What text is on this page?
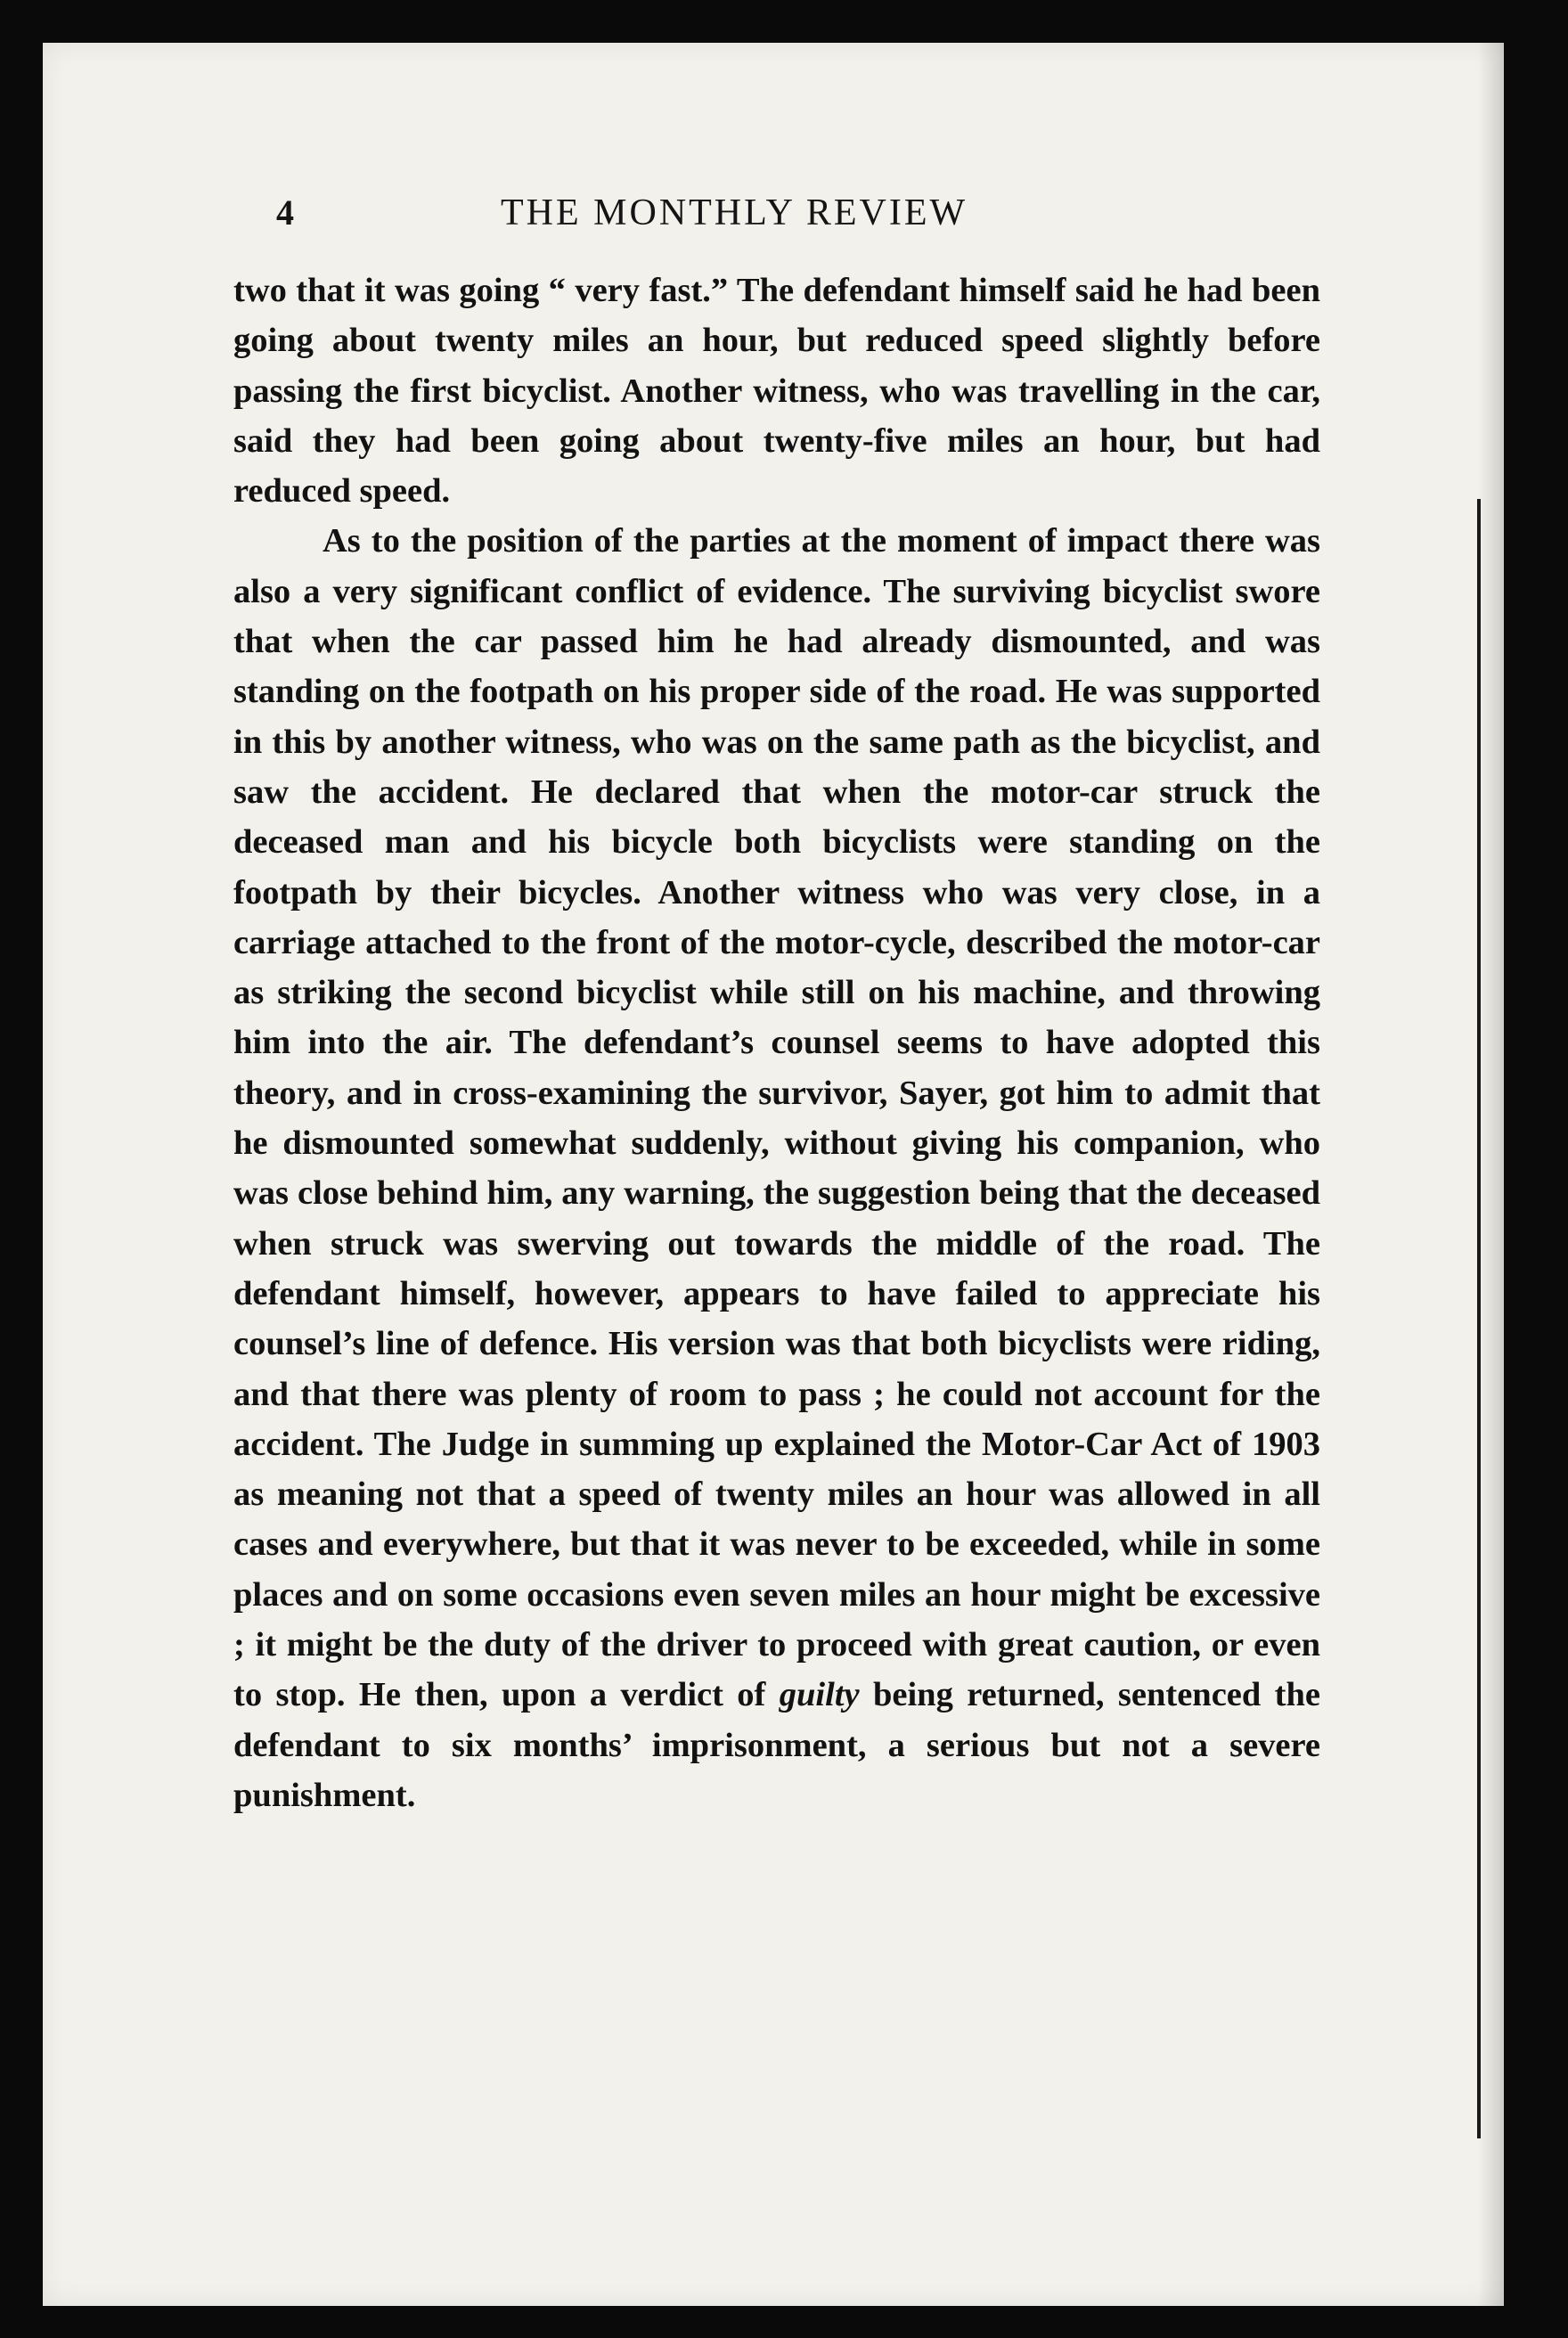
4	THE MONTHLY REVIEW

two that it was going “ very fast.” The defendant himself said he had been going about twenty miles an hour, but reduced speed slightly before passing the first bicyclist. Another witness, who was travelling in the car, said they had been going about twenty-five miles an hour, but had reduced speed.

As to the position of the parties at the moment of impact there was also a very significant conflict of evidence. The surviving bicyclist swore that when the car passed him he had already dismounted, and was standing on the footpath on his proper side of the road. He was supported in this by another witness, who was on the same path as the bicyclist, and saw the accident. He declared that when the motor-car struck the deceased man and his bicycle both bicyclists were standing on the footpath by their bicycles. Another witness who was very close, in a carriage attached to the front of the motor-cycle, described the motor-car as striking the second bicyclist while still on his machine, and throwing him into the air. The defendant’s counsel seems to have adopted this theory, and in cross-examining the survivor, Sayer, got him to admit that he dismounted somewhat suddenly, without giving his companion, who was close behind him, any warning, the suggestion being that the deceased when struck was swerving out towards the middle of the road. The defendant himself, however, appears to have failed to appreciate his counsel’s line of defence. His version was that both bicyclists were riding, and that there was plenty of room to pass ; he could not account for the accident. The Judge in summing up explained the Motor-Car Act of 1903 as meaning not that a speed of twenty miles an hour was allowed in all cases and everywhere, but that it was never to be exceeded, while in some places and on some occasions even seven miles an hour might be excessive ; it might be the duty of the driver to proceed with great caution, or even to stop. He then, upon a verdict of guilty being returned, sentenced the defendant to six months’ imprisonment, a serious but not a severe punishment.
